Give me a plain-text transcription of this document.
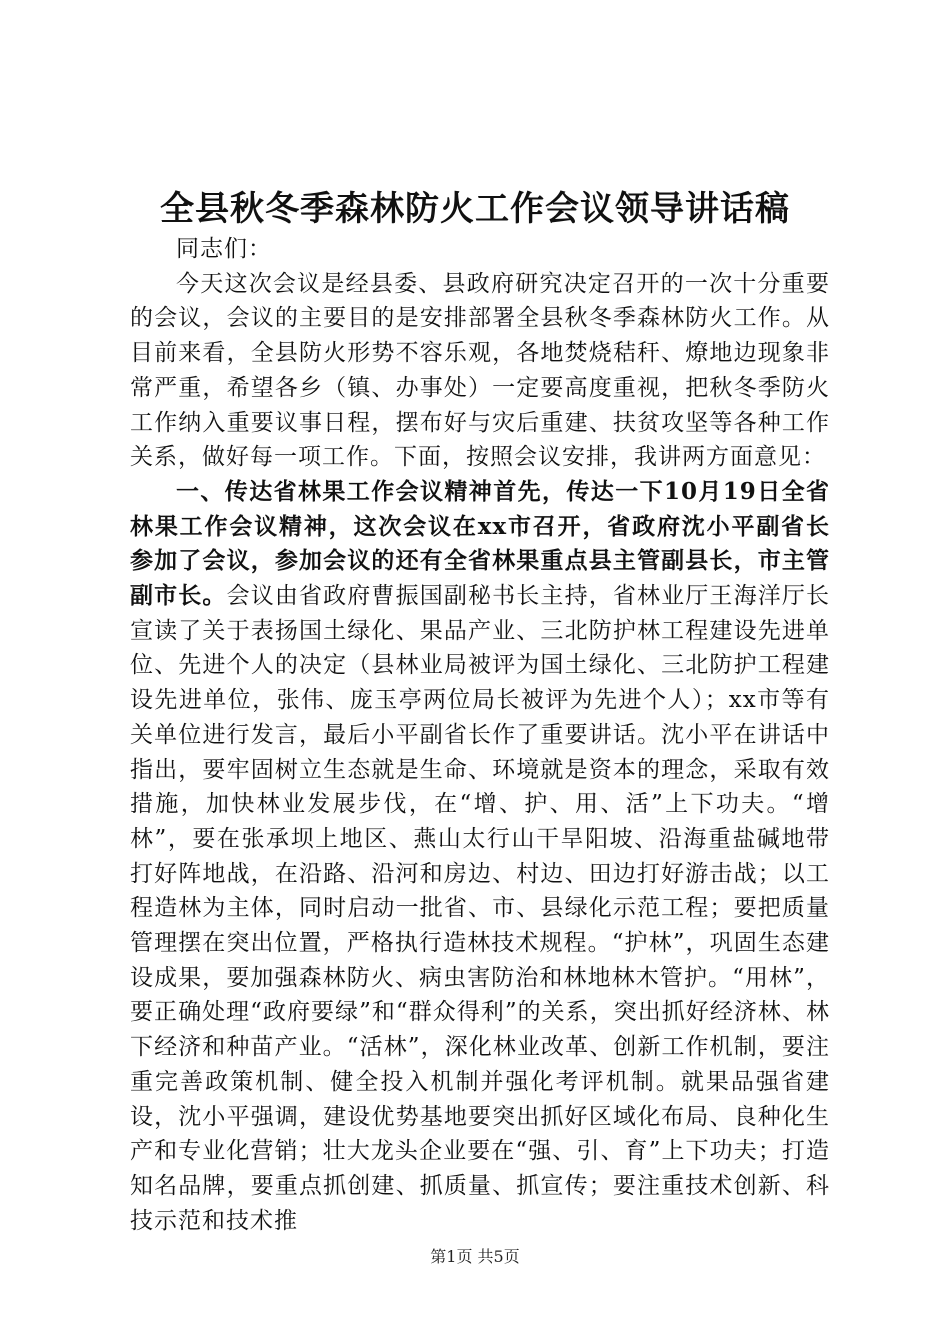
全县秋冬季森林防火工作会议领导讲话稿

同志们：

今天这次会议是经县委、县政府研究决定召开的一次十分重要的会议，会议的主要目的是安排部署全县秋冬季森林防火工作。从目前来看，全县防火形势不容乐观，各地焚烧秸秆、燎地边现象非常严重，希望各乡（镇、办事处）一定要高度重视，把秋冬季防火工作纳入重要议事日程，摆布好与灾后重建、扶贫攻坚等各种工作关系，做好每一项工作。下面，按照会议安排，我讲两方面意见：

一、传达省林果工作会议精神首先，传达一下10月19日全省林果工作会议精神，这次会议在xx市召开，省政府沈小平副省长参加了会议，参加会议的还有全省林果重点县主管副县长，市主管副市长。会议由省政府曹振国副秘书长主持，省林业厅王海洋厅长宣读了关于表扬国土绿化、果品产业、三北防护林工程建设先进单位、先进个人的决定（县林业局被评为国土绿化、三北防护工程建设先进单位，张伟、庞玉亭两位局长被评为先进个人）；xx市等有关单位进行发言，最后小平副省长作了重要讲话。沈小平在讲话中指出，要牢固树立生态就是生命、环境就是资本的理念，采取有效措施，加快林业发展步伐，在“增、护、用、活”上下功夫。“增林”，要在张承坝上地区、燕山太行山干旱阳坡、沿海重盐碱地带打好阵地战，在沿路、沿河和房边、村边、田边打好游击战；以工程造林为主体，同时启动一批省、市、县绿化示范工程；要把质量管理摆在突出位置，严格执行造林技术规程。“护林”，巩固生态建设成果，要加强森林防火、病虫害防治和林地林木管护。“用林”，要正确处理“政府要绿”和“群众得利”的关系，突出抓好经济林、林下经济和种苗产业。“活林”，深化林业改革、创新工作机制，要注重完善政策机制、健全投入机制并强化考评机制。就果品强省建设，沈小平强调，建设优势基地要突出抓好区域化布局、良种化生产和专业化营销；壮大龙头企业要在“强、引、育”上下功夫；打造知名品牌，要重点抓创建、抓质量、抓宣传；要注重技术创新、科技示范和技术推

第1页 共5页
